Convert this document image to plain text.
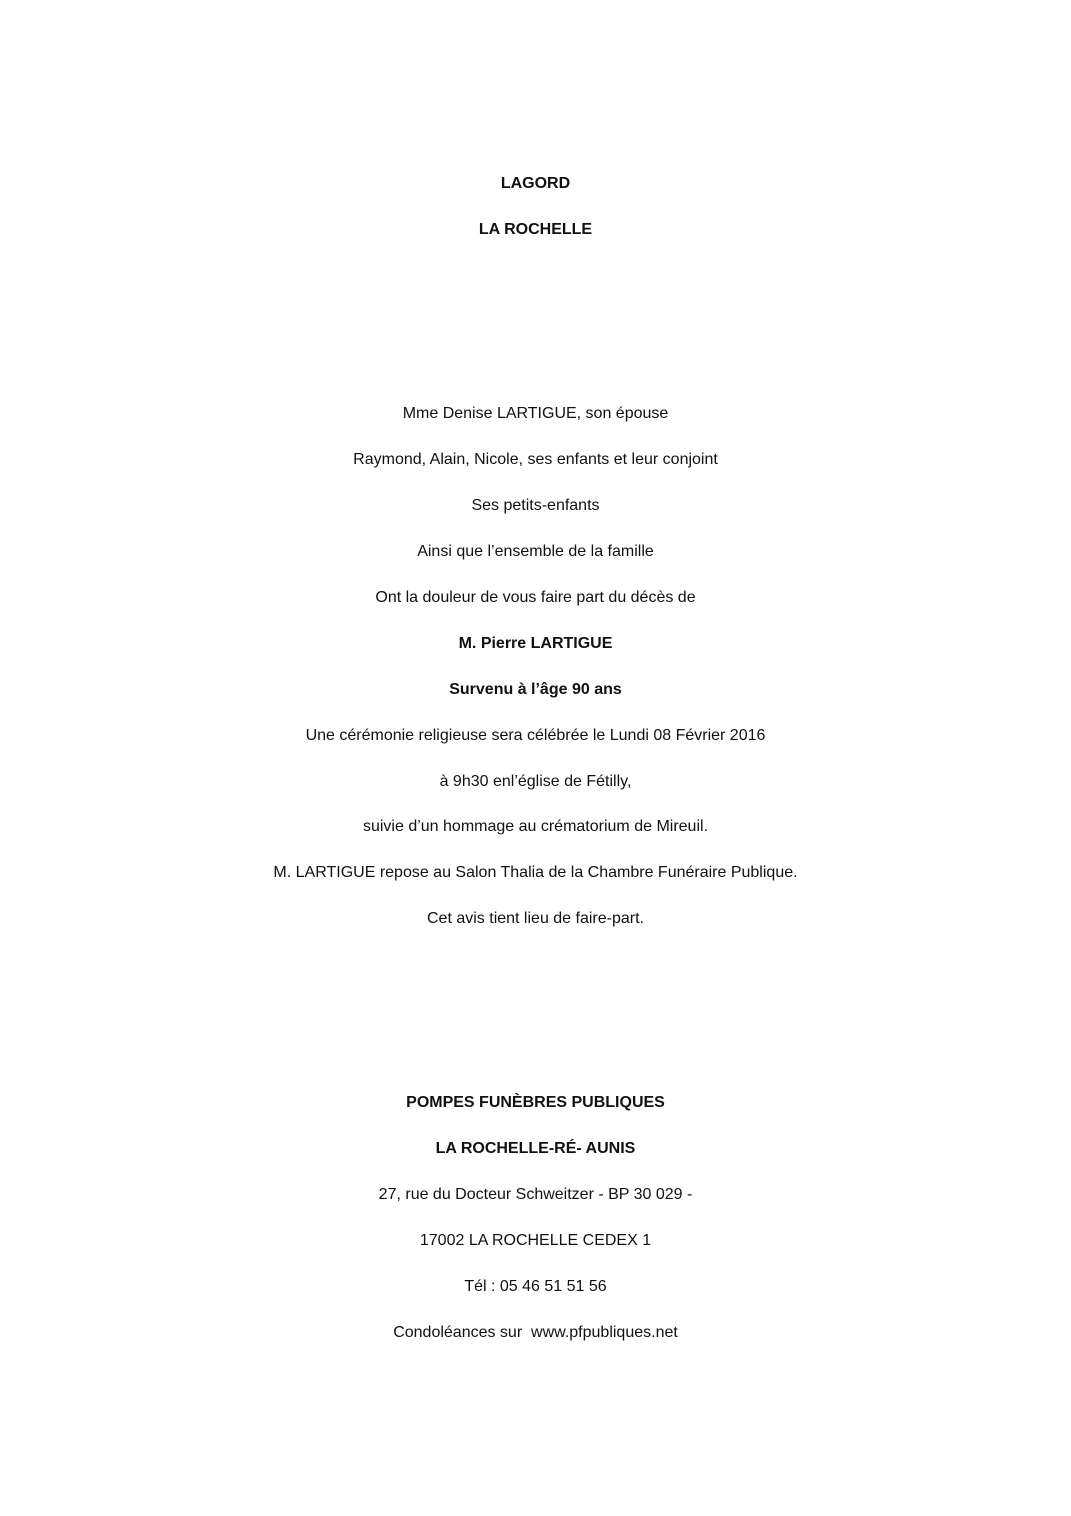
LAGORD

LA ROCHELLE

Mme Denise LARTIGUE, son épouse

Raymond, Alain, Nicole, ses enfants et leur conjoint

Ses petits-enfants

Ainsi que l’ensemble de la famille

Ont la douleur de vous faire part du décès de

M. Pierre LARTIGUE

Survenu à l’âge 90 ans

Une cérémonie religieuse sera célébrée le Lundi 08 Février 2016

à 9h30 enl’église de Fétilly,

suivie d’un hommage au crématorium de Mireuil.

M. LARTIGUE repose au Salon Thalia de la Chambre Funéraire Publique.

Cet avis tient lieu de faire-part.

POMPES FUNÈBRES PUBLIQUES

LA ROCHELLE-RÉ- AUNIS

27, rue du Docteur Schweitzer - BP 30 029 -

17002 LA ROCHELLE CEDEX 1

Tél : 05 46 51 51 56

Condoléances sur  www.pfpubliques.net
